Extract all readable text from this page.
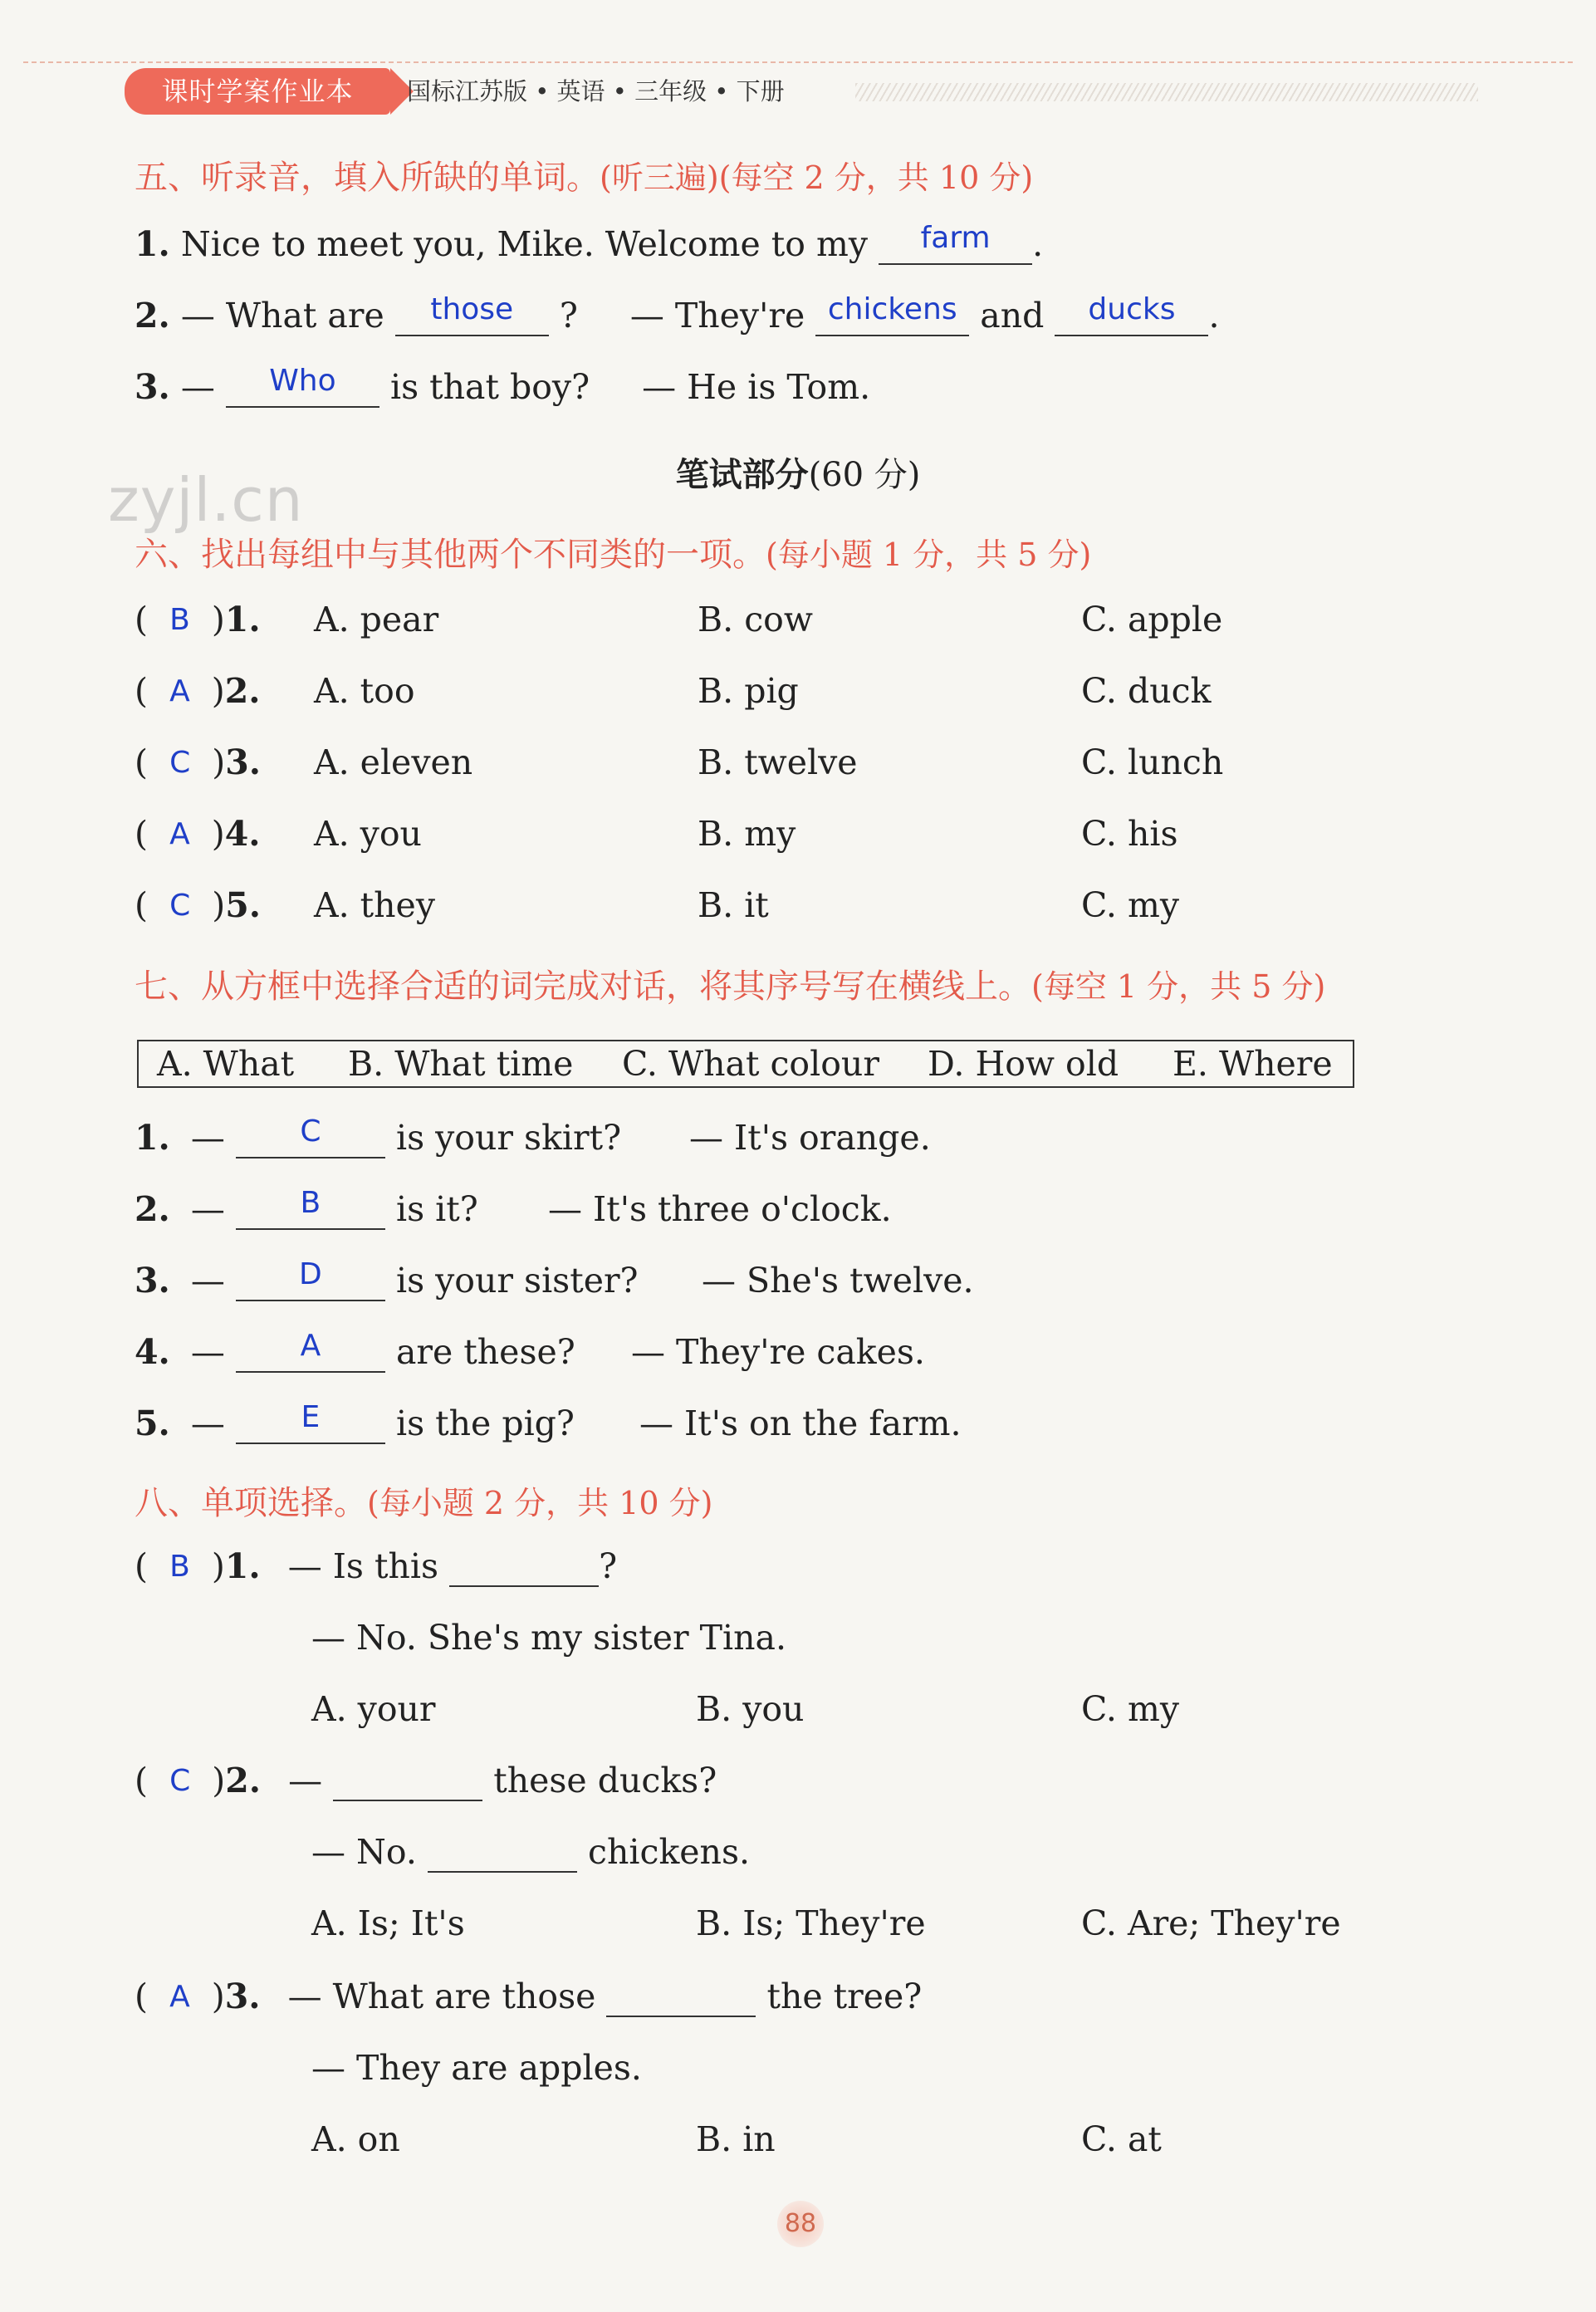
课时学案作业本	国标江苏版 • 英语 • 三年级 • 下册
五、听录音，填入所缺的单词。(听三遍)(每空 2 分，共 10 分)
1. Nice to meet you, Mike. Welcome to my farm .
2. — What are those ? — They're chickens and ducks .
3. — Who is that boy? — He is Tom.
zyjl.cn	笔试部分(60 分)
六、找出每组中与其他两个不同类的一项。(每小题 1 分，共 5 分)
(  B  )1. A. pear	B. cow	C. apple
(  A  )2. A. too	B. pig	C. duck
(  C  )3. A. eleven	B. twelve	C. lunch
(  A  )4. A. you	B. my	C. his
(  C  )5. A. they	B. it	C. my
七、从方框中选择合适的词完成对话，将其序号写在横线上。(每空 1 分，共 5 分)
A. What B. What time C. What colour D. How old E. Where
1. —	C is your skirt? — It's orange.
2. —	B is it? — It's three o'clock.
3. — D is your sister? — She's twelve.
4. —	A are these? — They're cakes.
5. —	E is the pig? — It's on the farm.
八、单项选择。(每小题 2 分，共 10 分)
(  B  )1. — Is this	?
— No. She's my sister Tina.
A. your	B. you	C. my
(  C  )2. —	these ducks?
— No.	chickens.
A. Is; It's	B. Is; They're	C. Are; They're
(  A  )3. — What are those	the tree?
— They are apples.
A. on	B. in	C. at
88
